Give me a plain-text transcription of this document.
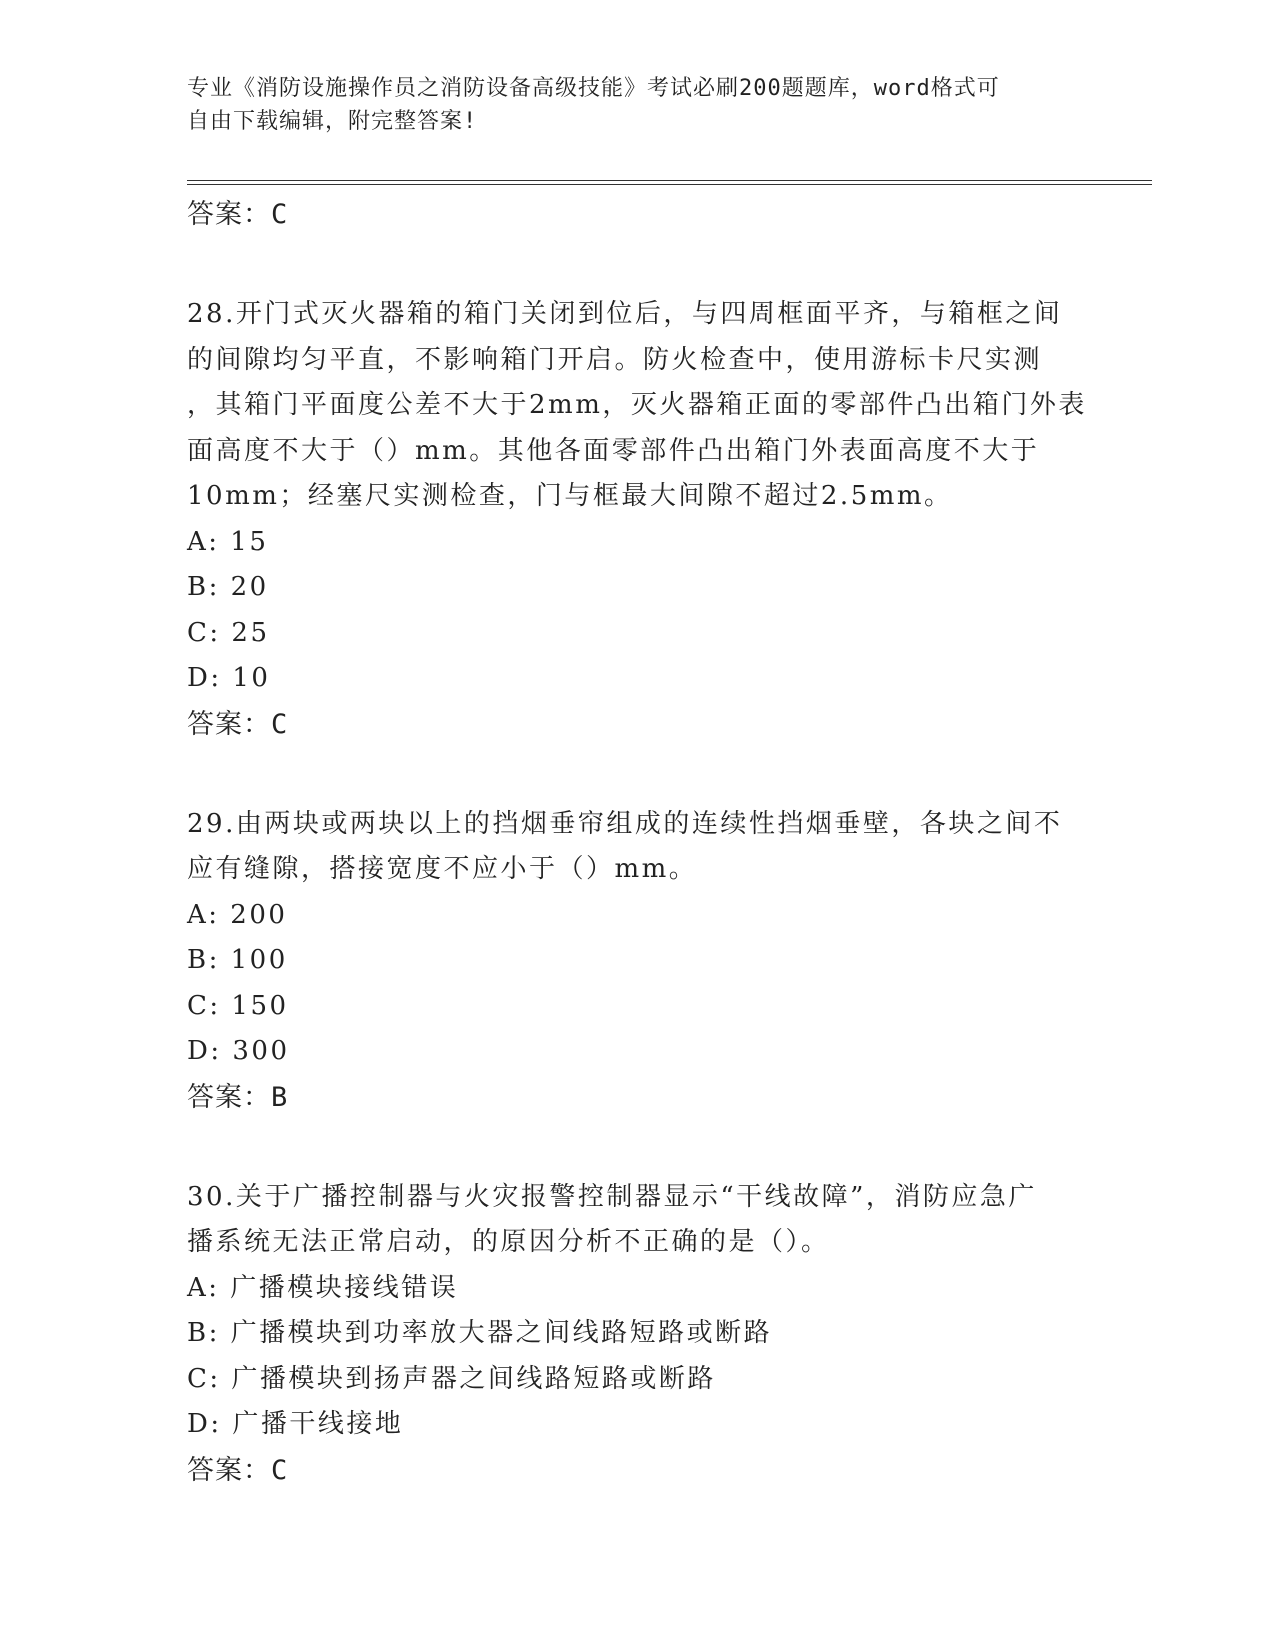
专业《消防设施操作员之消防设备高级技能》考试必刷200题题库，word格式可
自由下载编辑，附完整答案!
答案：C
28.开门式灭火器箱的箱门关闭到位后，与四周框面平齐，与箱框之间
的间隙均匀平直，不影响箱门开启。防火检查中，使用游标卡尺实测
，其箱门平面度公差不大于2mm，灭火器箱正面的零部件凸出箱门外表
面高度不大于（）mm。其他各面零部件凸出箱门外表面高度不大于
10mm；经塞尺实测检查，门与框最大间隙不超过2.5mm。
A: 15
B: 20
C: 25
D: 10
答案：C
29.由两块或两块以上的挡烟垂帘组成的连续性挡烟垂壁，各块之间不
应有缝隙，搭接宽度不应小于（）mm。
A: 200
B: 100
C: 150
D: 300
答案：B
30.关于广播控制器与火灾报警控制器显示“干线故障”，消防应急广
播系统无法正常启动，的原因分析不正确的是（）。
A: 广播模块接线错误
B: 广播模块到功率放大器之间线路短路或断路
C: 广播模块到扬声器之间线路短路或断路
D: 广播干线接地
答案：C
